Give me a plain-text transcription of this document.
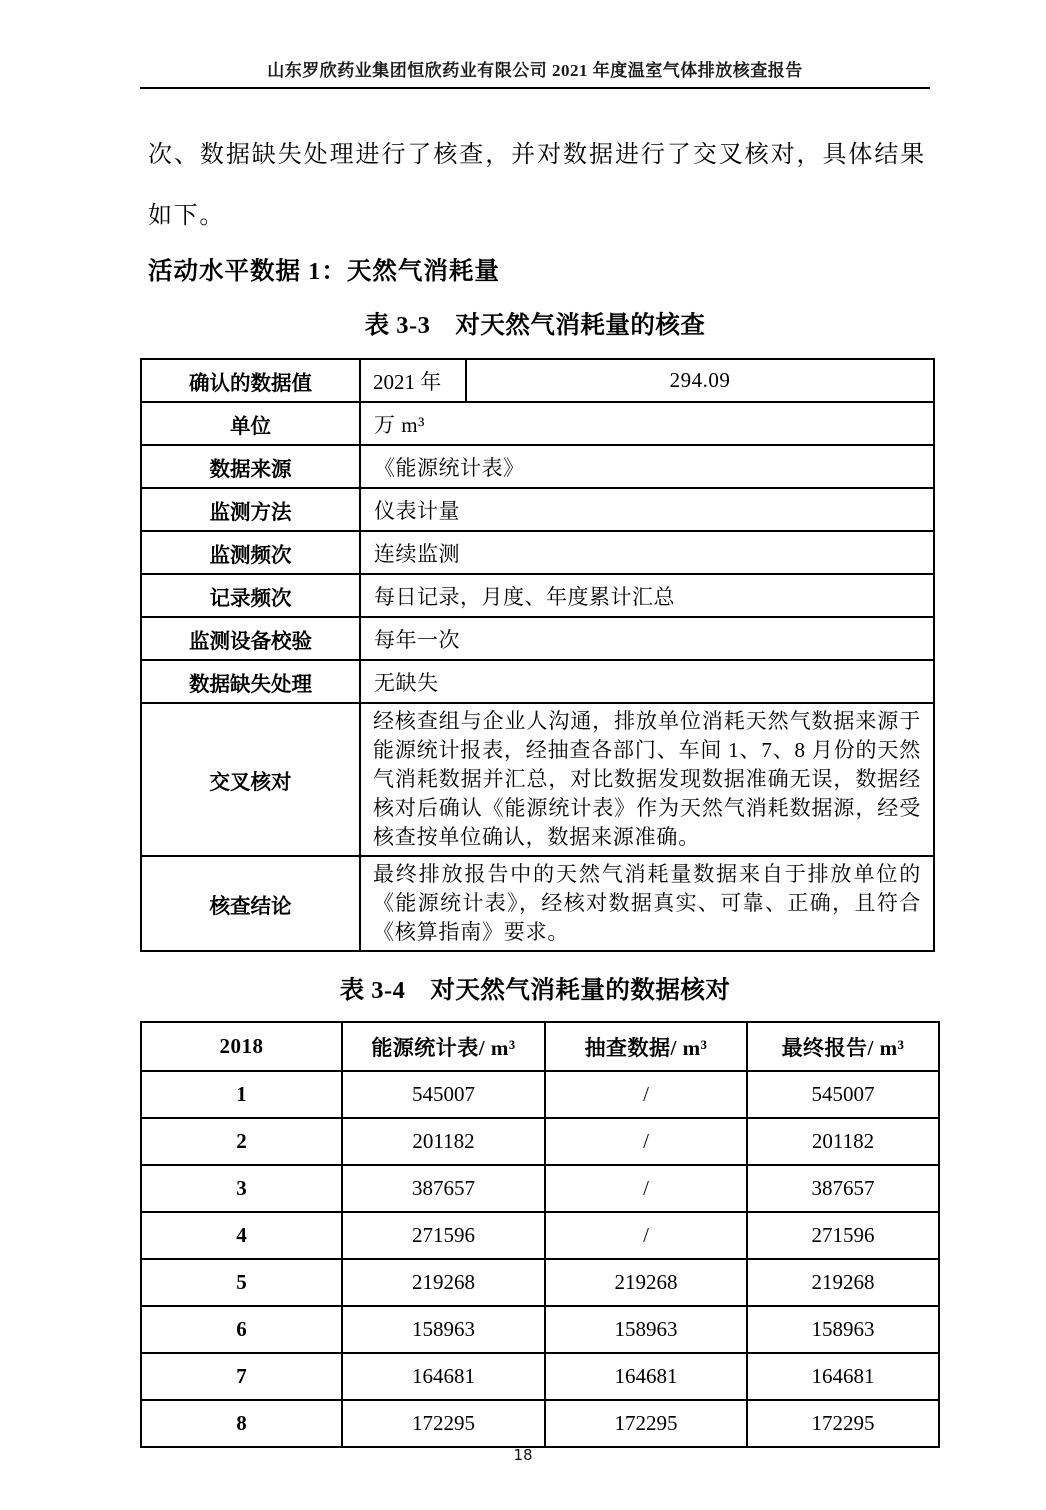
山东罗欣药业集团恒欣药业有限公司 2021 年度温室气体排放核查报告

次、数据缺失处理进行了核查，并对数据进行了交叉核对，具体结果如下。

活动水平数据 1：天然气消耗量
表 3-3　对天然气消耗量的核查
确认的数据值	2021 年	294.09
单位	万 m³	
数据来源	《能源统计表》	
监测方法	仪表计量	
监测频次	连续监测	
记录频次	每日记录，月度、年度累计汇总	
监测设备校验	每年一次	
数据缺失处理	无缺失	
交叉核对	经核查组与企业人沟通，排放单位消耗天然气数据来源于能源统计报表，经抽查各部门、车间 1、7、8 月份的天然气消耗数据并汇总，对比数据发现数据准确无误，数据经核对后确认《能源统计表》作为天然气消耗数据源，经受核查按单位确认，数据来源准确。	
核查结论	最终排放报告中的天然气消耗量数据来自于排放单位的《能源统计表》，经核对数据真实、可靠、正确，且符合《核算指南》要求。	
表 3-4　对天然气消耗量的数据核对
2018	能源统计表/ m³	抽查数据/ m³	最终报告/ m³
1	545007	/	545007
2	201182	/	201182
3	387657	/	387657
4	271596	/	271596
5	219268	219268	219268
6	158963	158963	158963
7	164681	164681	164681
8	172295	172295	172295
18
